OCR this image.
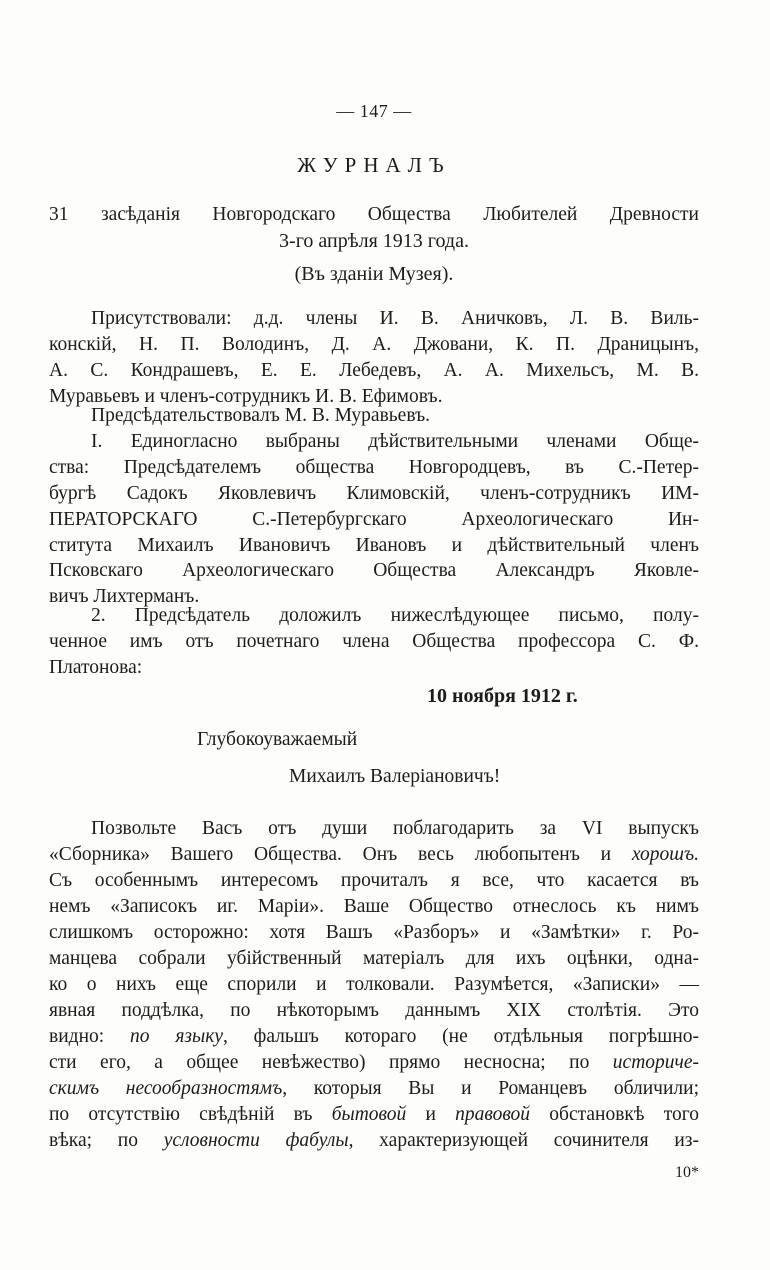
— 147 —
ЖУРНАЛЪ
31 засѣданія Новгородскаго Общества Любителей Древности
3-го апрѣля 1913 года.
(Въ зданіи Музея).
Присутствовали: д.д. члены И. В. Аничковъ, Л. В. Виль-
конскій, Н. П. Володинъ, Д. А. Джовани, К. П. Драницынъ,
А. С. Кондрашевъ, Е. Е. Лебедевъ, А. А. Михельсъ, М. В.
Муравьевъ и членъ-сотрудникъ И. В. Ефимовъ.
Предсѣдательствовалъ М. В. Муравьевъ.
I. Единогласно выбраны дѣйствительными членами Обще-
ства: Предсѣдателемъ общества Новгородцевъ, въ С.-Петер-
бургѣ Садокъ Яковлевичъ Климовскій, членъ-сотрудникъ ИМ-
ПЕРАТОРСКАГО С.-Петербургскаго Археологическаго Ин-
ститута Михаилъ Ивановичъ Ивановъ и дѣйствительный членъ
Псковскаго Археологическаго Общества Александръ Яковле-
вичъ Лихтерманъ.
2. Предсѣдатель доложилъ нижеслѣдующее письмо, полу-
ченное имъ отъ почетнаго члена Общества профессора С. Ф.
Платонова:
10 ноября 1912 г.
Глубокоуважаемый
Михаилъ Валеріановичъ!
Позвольте Васъ отъ души поблагодарить за VI выпускъ
«Сборника» Вашего Общества. Онъ весь любопытенъ и хорошъ.
Съ особеннымъ интересомъ прочиталъ я все, что касается въ
немъ «Записокъ иг. Маріи». Ваше Общество отнеслось къ нимъ
слишкомъ осторожно: хотя Вашъ «Разборъ» и «Замѣтки» г. Ро-
манцева собрали убійственный матеріалъ для ихъ оцѣнки, одна-
ко о нихъ еще спорили и толковали. Разумѣется, «Записки» —
явная поддѣлка, по нѣкоторымъ даннымъ XIX столѣтія. Это
видно: по языку, фальшъ котораго (не отдѣльныя погрѣшно-
сти его, а общее невѣжество) прямо несносна; по историче-
скимъ несообразностямъ, которыя Вы и Романцевъ обличили;
по отсутствію свѣдѣній въ бытовой и правовой обстановкѣ того
вѣка; по условности фабулы, характеризующей сочинителя из-
10*
